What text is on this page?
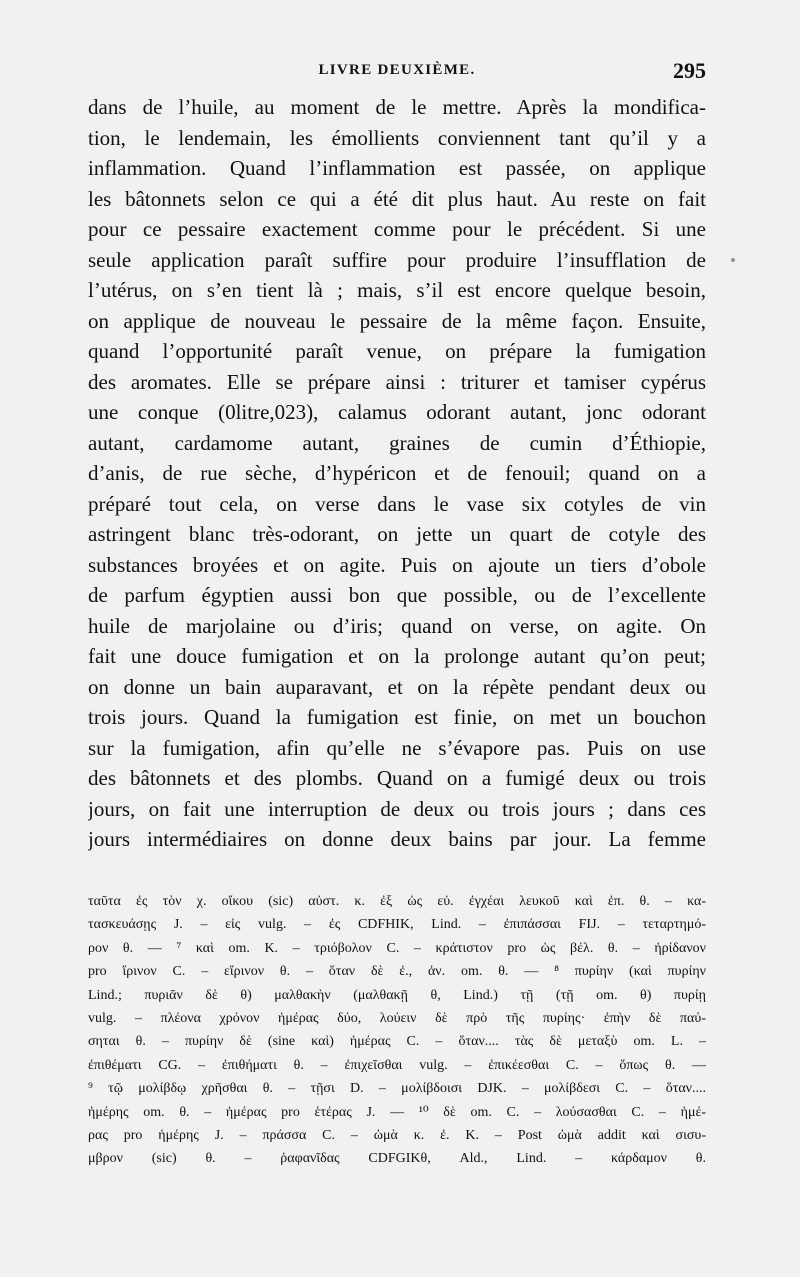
LIVRE DEUXIÈME.	295
dans de l’huile, au moment de le mettre. Après la mondifica-
tion, le lendemain, les émollients conviennent tant qu’il y a
inflammation. Quand l’inflammation est passée, on applique
les bâtonnets selon ce qui a été dit plus haut. Au reste on fait
pour ce pessaire exactement comme pour le précédent. Si une
seule application paraît suffire pour produire l’insufflation de
l’utérus, on s’en tient là ; mais, s’il est encore quelque besoin,
on applique de nouveau le pessaire de la même façon. Ensuite,
quand l’opportunité paraît venue, on prépare la fumigation
des aromates. Elle se prépare ainsi : triturer et tamiser cypérus
une conque (0litre,023), calamus odorant autant, jonc odorant
autant, cardamome autant, graines de cumin d’Éthiopie,
d’anis, de rue sèche, d’hypéricon et de fenouil; quand on a
préparé tout cela, on verse dans le vase six cotyles de vin
astringent blanc très-odorant, on jette un quart de cotyle des
substances broyées et on agite. Puis on ajoute un tiers d’obole
de parfum égyptien aussi bon que possible, ou de l’excellente
huile de marjolaine ou d’iris; quand on verse, on agite. On
fait une douce fumigation et on la prolonge autant qu’on peut;
on donne un bain auparavant, et on la répète pendant deux ou
trois jours. Quand la fumigation est finie, on met un bouchon
sur la fumigation, afin qu’elle ne s’évapore pas. Puis on use
des bâtonnets et des plombs. Quand on a fumigé deux ou trois
jours, on fait une interruption de deux ou trois jours ; dans ces
jours intermédiaires on donne deux bains par jour. La femme
ταῦτα ἐς τὸν χ. οἴκου (sic) αὐστ. κ. ἐξ ὡς εὐ. ἐγχέαι λευκοῦ καὶ ἐπ. θ. – κα-
τασκευάσῃς J. – εἰς vulg. – ἐς CDFHIK, Lind. – ἐπιπάσσαι FIJ. – τεταρτημό-
ρον θ. — ⁷ καὶ om. K. – τριόβολον C. – κράτιστον pro ὡς βέλ. θ. – ἠρίδανον
pro ἴρινον C. – εἴρινον θ. – ὅταν δὲ ἐ., ἀν. om. θ. — ⁸ πυρίην (καὶ πυρίην
Lind.; πυριᾶν δὲ θ) μαλθακὴν (μαλθακῇ θ, Lind.) τῇ (τῇ om. θ) πυρίῃ
vulg. – πλέονα χρόνον ἡμέρας δύο, λούειν δὲ πρὸ τῆς πυρίης· ἐπὴν δὲ παύ-
σηται θ. – πυρίην δὲ (sine καὶ) ἡμέρας C. – ὅταν.... τὰς δὲ μεταξὺ om. L. –
ἐπιθέματι CG. – ἐπιθήματι θ. – ἐπιχεῖσθαι vulg. – ἐπικέεσθαι C. – ὅπως θ. —
⁹ τῷ μολίβδῳ χρῆσθαι θ. – τῇσι D. – μολίβδοισι DJK. – μολίβδεσι C. – ὅταν....
ἡμέρης om. θ. – ἡμέρας pro ἑτέρας J. — ¹⁰ δὲ om. C. – λούσασθαι C. – ἡμέ-
ρας pro ἡμέρης J. – πράσσα C. – ὠμὰ κ. ἐ. K. – Post ὠμὰ addit καὶ σισυ-
μβρον (sic) θ. – ῥαφανῖδας CDFGIKθ, Ald., Lind. – κάρδαμον θ.
